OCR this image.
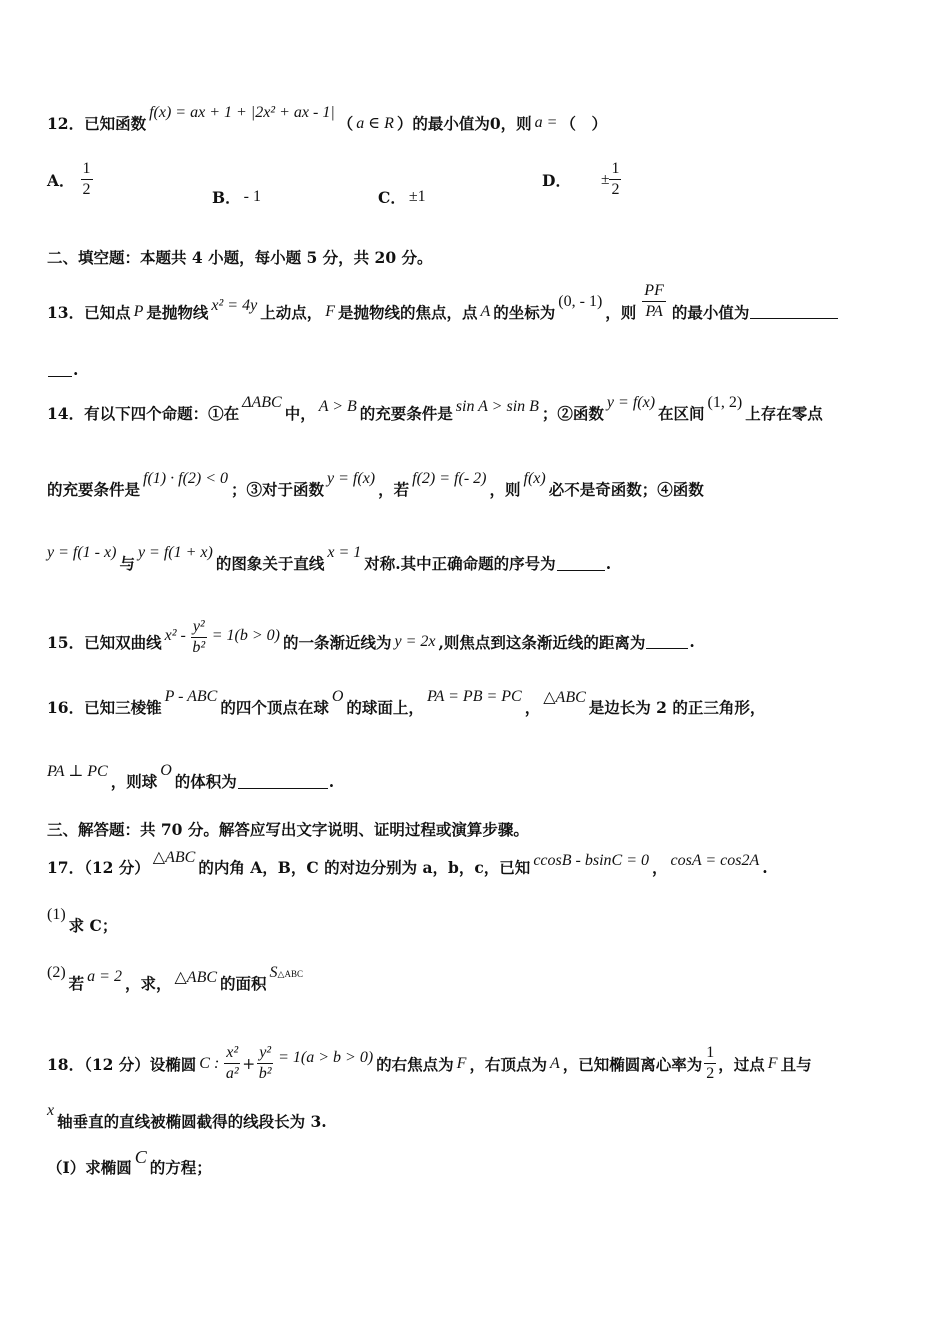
12． 已知函数
f(x) = ax + 1 + |2x² + ax - 1|
（ a ∈ R ）的最小值为0，则 a = （　）
A． $\frac{1}{2}$	B． - 1	C． ±1
D． ± $\frac{1}{2}$
二、填空题：本题共 4 小题，每小题 5 分，共 20 分。
13． 已知点 P 是抛物线 x² = 4y 上动点， F 是抛物线的焦点，点 A 的坐标为
(0, - 1)
，则 $\frac{PF}{PA}$ 的最小值为
.
14． 有以下四个命题：①在
ΔABC
中， A > B 的充要条件是 sin A > sin B ；②函数
y = f(x)
在区间
(1, 2)
上存在零点
的充要条件是
f(1) · f(2) < 0
；③对于函数
y = f(x)
，若
f(2) = f(- 2)
，则
f(x)
必不是奇函数；④函数
y = f(1 - x)
与
y = f(1 + x)
的图象关于直线
x = 1
对称.其中正确命题的序号为	.
15． 已知双曲线 $x^2 - \frac{\text{y²}}{\text{b²}} = 1(b > 0)$ 的一条渐近线为 y = 2x ,则焦点到这条渐近线的距离为	.
16． 已知三棱锥
P - ABC
的四个顶点在球
O
的球面上，
PA = PB = PC
，
△ABC
是边长为 2 的正三角形，
PA ⊥ PC
，则球
O
的体积为	.
三、解答题：共 70 分。解答应写出文字说明、证明过程或演算步骤。
17．（12 分）
△ABC
的内角 A，B，C 的对边分别为 a，b，c，已知 ccosB - bsinC = 0 ， cosA = cos2A .
(1)
求 C；
(2)
若 a = 2 ，求， △ABC 的面积
S△ABC
18．（12 分）设椭圆 C : $\frac{\text{x²}}{\text{a²}} + \frac{\text{y²}}{\text{b²}} = 1(a > b > 0)$ 的右焦点为 F ，右顶点为 A ，已知椭圆离心率为 $\frac{1}{2}$ ，过点 F 且与
x
轴垂直的直线被椭圆截得的线段长为 3.
（Ⅰ）求椭圆
C
的方程；
